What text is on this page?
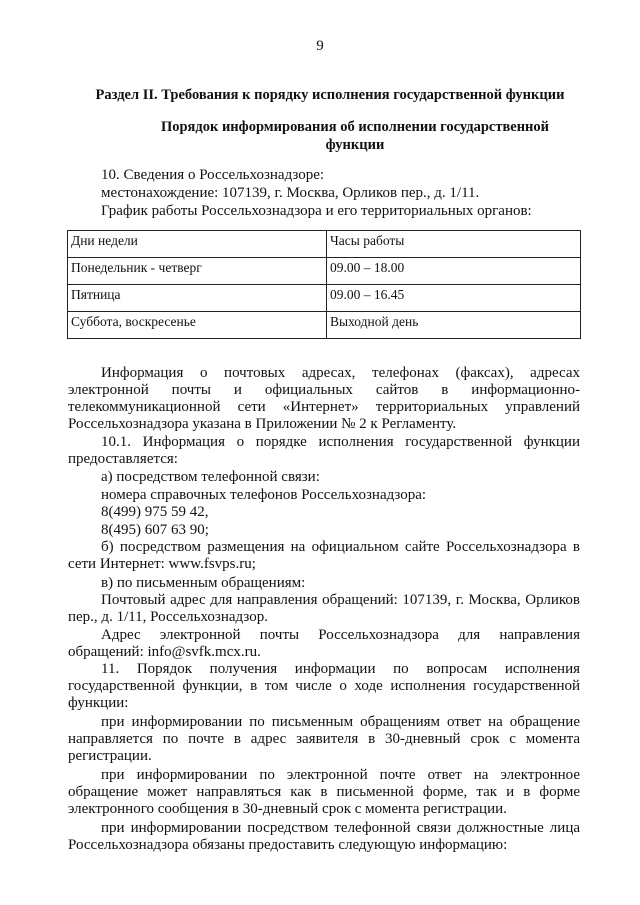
9
Раздел II. Требования к порядку исполнения государственной функции
Порядок информирования об исполнении государственной функции
10. Сведения о Россельхознадзоре:
местонахождение: 107139, г. Москва, Орликов пер., д. 1/11.
График работы Россельхознадзора и его территориальных органов:
Дни недели	Часы работы
Понедельник - четверг	09.00 – 18.00
Пятница	09.00 – 16.45
Суббота, воскресенье	Выходной день
Информация о почтовых адресах, телефонах (факсах), адресах электронной почты и официальных сайтов в информационно-телекоммуникационной сети «Интернет» территориальных управлений Россельхознадзора указана в Приложении № 2 к Регламенту.
10.1. Информация о порядке исполнения государственной функции предоставляется:
а) посредством телефонной связи:
номера справочных телефонов Россельхознадзора:
8(499) 975 59 42,
8(495) 607 63 90;
б) посредством размещения на официальном сайте Россельхознадзора в сети Интернет: www.fsvps.ru;
в) по письменным обращениям:
Почтовый адрес для направления обращений: 107139, г. Москва, Орликов пер., д. 1/11, Россельхознадзор.
Адрес электронной почты Россельхознадзора для направления обращений: info@svfk.mcx.ru.
11. Порядок получения информации по вопросам исполнения государственной функции, в том числе о ходе исполнения государственной функции:
при информировании по письменным обращениям ответ на обращение направляется по почте в адрес заявителя в 30-дневный срок с момента регистрации.
при информировании по электронной почте ответ на электронное обращение может направляться как в письменной форме, так и в форме электронного сообщения в 30-дневный срок с момента регистрации.
при информировании посредством телефонной связи должностные лица Россельхознадзора обязаны предоставить следующую информацию:
